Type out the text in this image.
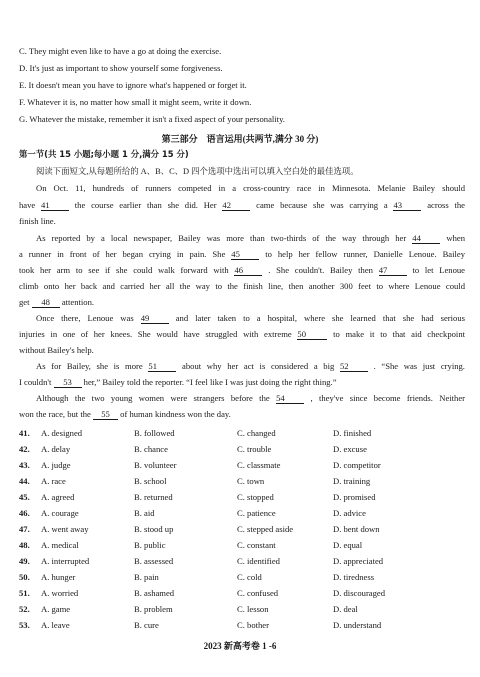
C. They might even like to have a go at doing the exercise.
D. It's just as important to show yourself some forgiveness.
E. It doesn't mean you have to ignore what's happened or forget it.
F. Whatever it is, no matter how small it might seem, write it down.
G. Whatever the mistake, remember it isn't a fixed aspect of your personality.
第三部分　语言运用(共两节,满分 30 分)
第一节(共 15 小题;每小题 1 分,满分 15 分)
阅读下面短文,从每题所给的 A、B、C、D 四个选项中选出可以填入空白处的最佳选项。
On Oct. 11, hundreds of runners competed in a cross-country race in Minnesota. Melanie Bailey should
have 41	the course earlier than she did. Her 42	came because she was carrying a 43	across the
finish line.
As reported by a local newspaper, Bailey was more than two-thirds of the way through her 44	when
a runner in front of her began crying in pain. She 45	to help her fellow runner, Danielle Lenoue. Bailey
took her arm to see if she could walk forward with 46	. She couldn't. Bailey then 47	to let Lenoue
climb onto her back and carried her all the way to the finish line, then another 300 feet to where Lenoue could
get 48 attention.
Once there, Lenoue was 49	and later taken to a hospital, where she learned that she had serious
injuries in one of her knees. She would have struggled with extreme 50	to make it to that aid checkpoint
without Bailey's help.
As for Bailey, she is more 51	about why her act is considered a big 52	. “She was just crying.
I couldn't 53 her,” Bailey told the reporter. “I feel like I was just doing the right thing.”
Although the two young women were strangers before the 54	, they've since become friends. Neither
won the race, but the 55 of human kindness won the day.
41. A. designed	B. followed	C. changed	D. finished
42. A. delay	B. chance	C. trouble	D. excuse
43. A. judge	B. volunteer	C. classmate	D. competitor
44. A. race	B. school	C. town	D. training
45. A. agreed	B. returned	C. stopped	D. promised
46. A. courage	B. aid	C. patience	D. advice
47. A. went away	B. stood up	C. stepped aside	D. bent down
48. A. medical	B. public	C. constant	D. equal
49. A. interrupted	B. assessed	C. identified	D. appreciated
50. A. hunger	B. pain	C. cold	D. tiredness
51. A. worried	B. ashamed	C. confused	D. discouraged
52. A. game	B. problem	C. lesson	D. deal
53. A. leave	B. cure	C. bother	D. understand
2023 新高考卷 1 -6
